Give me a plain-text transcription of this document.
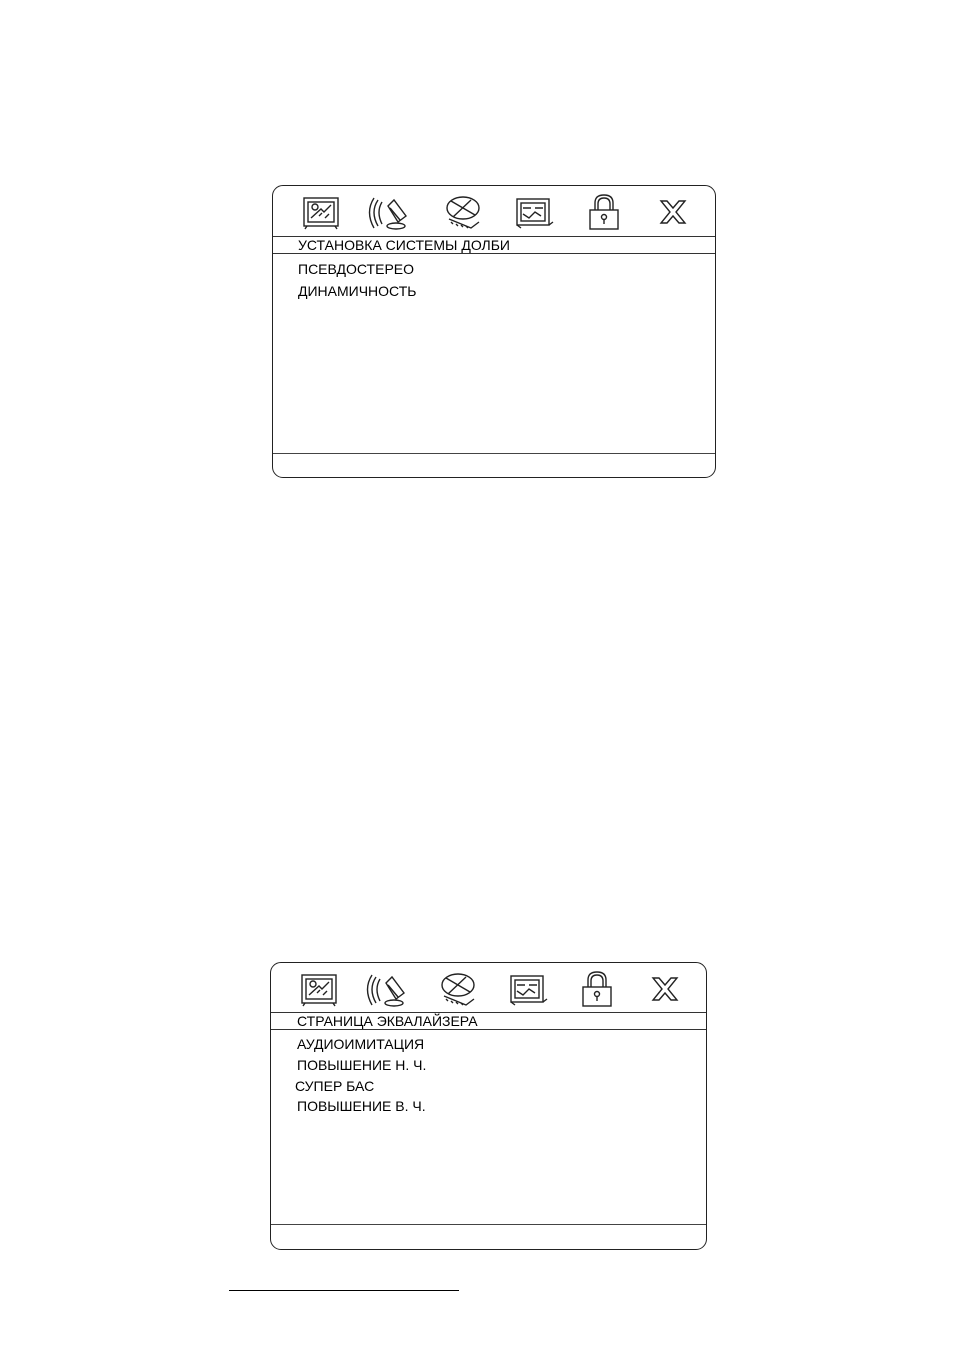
УСТАНОВКА СИСТЕМЫ ДОЛБИ
ПСЕВДОСТЕРЕО
ДИНАМИЧНОСТЬ
СТРАНИЦА ЭКВАЛАЙЗЕРА
АУДИОИМИТАЦИЯ
ПОВЫШЕНИЕ Н. Ч.
СУПЕР БАС
ПОВЫШЕНИЕ В. Ч.
